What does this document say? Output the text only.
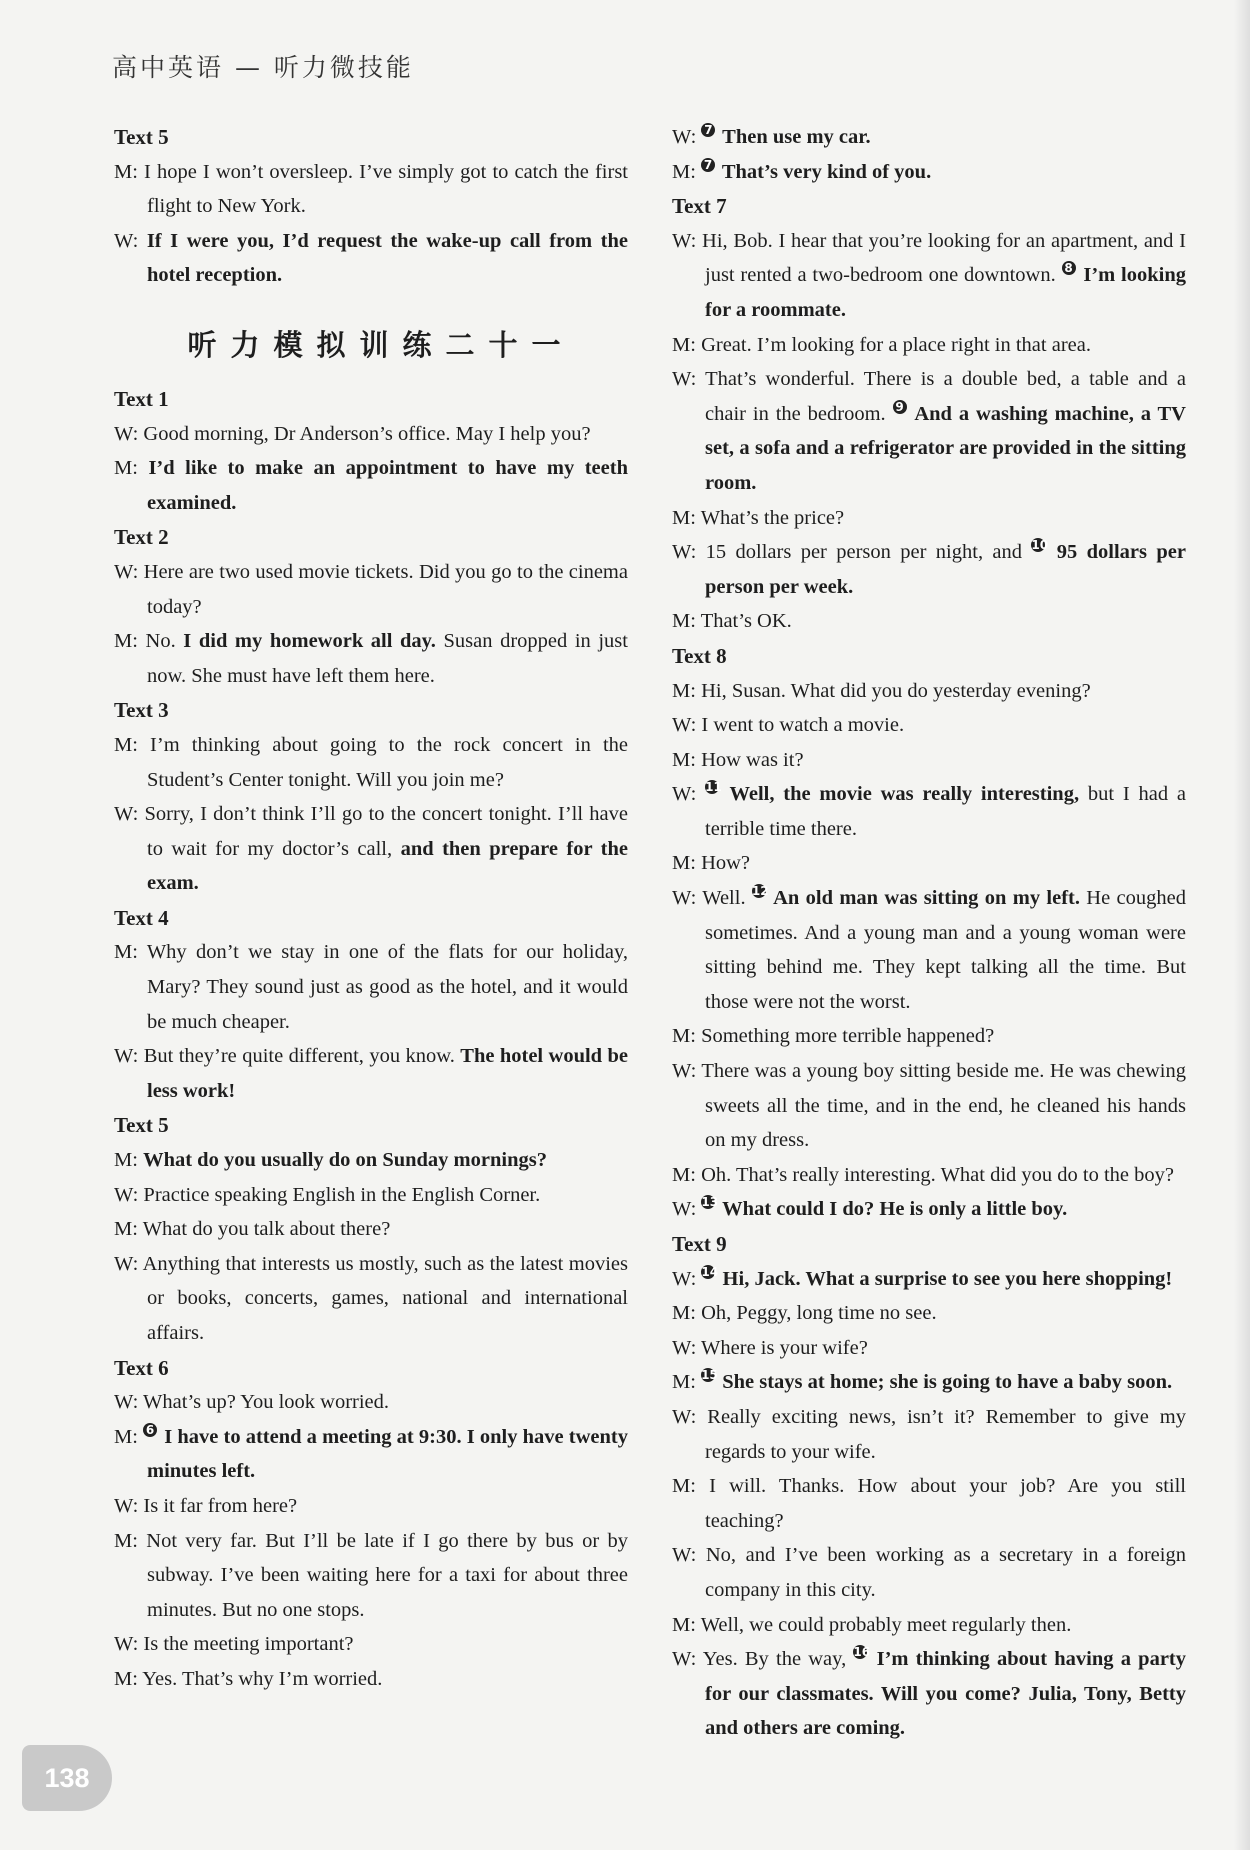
高中英语 — 听力微技能
Text 5
M: I hope I won’t oversleep. I’ve simply got to catch the first flight to New York.
W: If I were you, I’d request the wake-up call from the hotel reception.
听力模拟训练二十一
Text 1
W: Good morning, Dr Anderson’s office. May I help you?
M: I’d like to make an appointment to have my teeth examined.
Text 2
W: Here are two used movie tickets. Did you go to the cinema today?
M: No. I did my homework all day. Susan dropped in just now. She must have left them here.
Text 3
M: I’m thinking about going to the rock concert in the Student’s Center tonight. Will you join me?
W: Sorry, I don’t think I’ll go to the concert tonight. I’ll have to wait for my doctor’s call, and then prepare for the exam.
Text 4
M: Why don’t we stay in one of the flats for our holiday, Mary? They sound just as good as the hotel, and it would be much cheaper.
W: But they’re quite different, you know. The hotel would be less work!
Text 5
M: What do you usually do on Sunday mornings?
W: Practice speaking English in the English Corner.
M: What do you talk about there?
W: Anything that interests us mostly, such as the latest movies or books, concerts, games, national and international affairs.
Text 6
W: What’s up? You look worried.
M: 6 I have to attend a meeting at 9:30. I only have twenty minutes left.
W: Is it far from here?
M: Not very far. But I’ll be late if I go there by bus or by subway. I’ve been waiting here for a taxi for about three minutes. But no one stops.
W: Is the meeting important?
M: Yes. That’s why I’m worried.
W: 7 Then use my car.
M: 7 That’s very kind of you.
Text 7
W: Hi, Bob. I hear that you’re looking for an apartment, and I just rented a two-bedroom one downtown. 8 I’m looking for a roommate.
M: Great. I’m looking for a place right in that area.
W: That’s wonderful. There is a double bed, a table and a chair in the bedroom. 9 And a washing machine, a TV set, a sofa and a refrigerator are provided in the sitting room.
M: What’s the price?
W: 15 dollars per person per night, and 10 95 dollars per person per week.
M: That’s OK.
Text 8
M: Hi, Susan. What did you do yesterday evening?
W: I went to watch a movie.
M: How was it?
W: 11 Well, the movie was really interesting, but I had a terrible time there.
M: How?
W: Well. 12 An old man was sitting on my left. He coughed sometimes. And a young man and a young woman were sitting behind me. They kept talking all the time. But those were not the worst.
M: Something more terrible happened?
W: There was a young boy sitting beside me. He was chewing sweets all the time, and in the end, he cleaned his hands on my dress.
M: Oh. That’s really interesting. What did you do to the boy?
W: 13 What could I do? He is only a little boy.
Text 9
W: 14 Hi, Jack. What a surprise to see you here shopping!
M: Oh, Peggy, long time no see.
W: Where is your wife?
M: 15 She stays at home; she is going to have a baby soon.
W: Really exciting news, isn’t it? Remember to give my regards to your wife.
M: I will. Thanks. How about your job? Are you still teaching?
W: No, and I’ve been working as a secretary in a foreign company in this city.
M: Well, we could probably meet regularly then.
W: Yes. By the way, 16 I’m thinking about having a party for our classmates. Will you come? Julia, Tony, Betty and others are coming.
138
